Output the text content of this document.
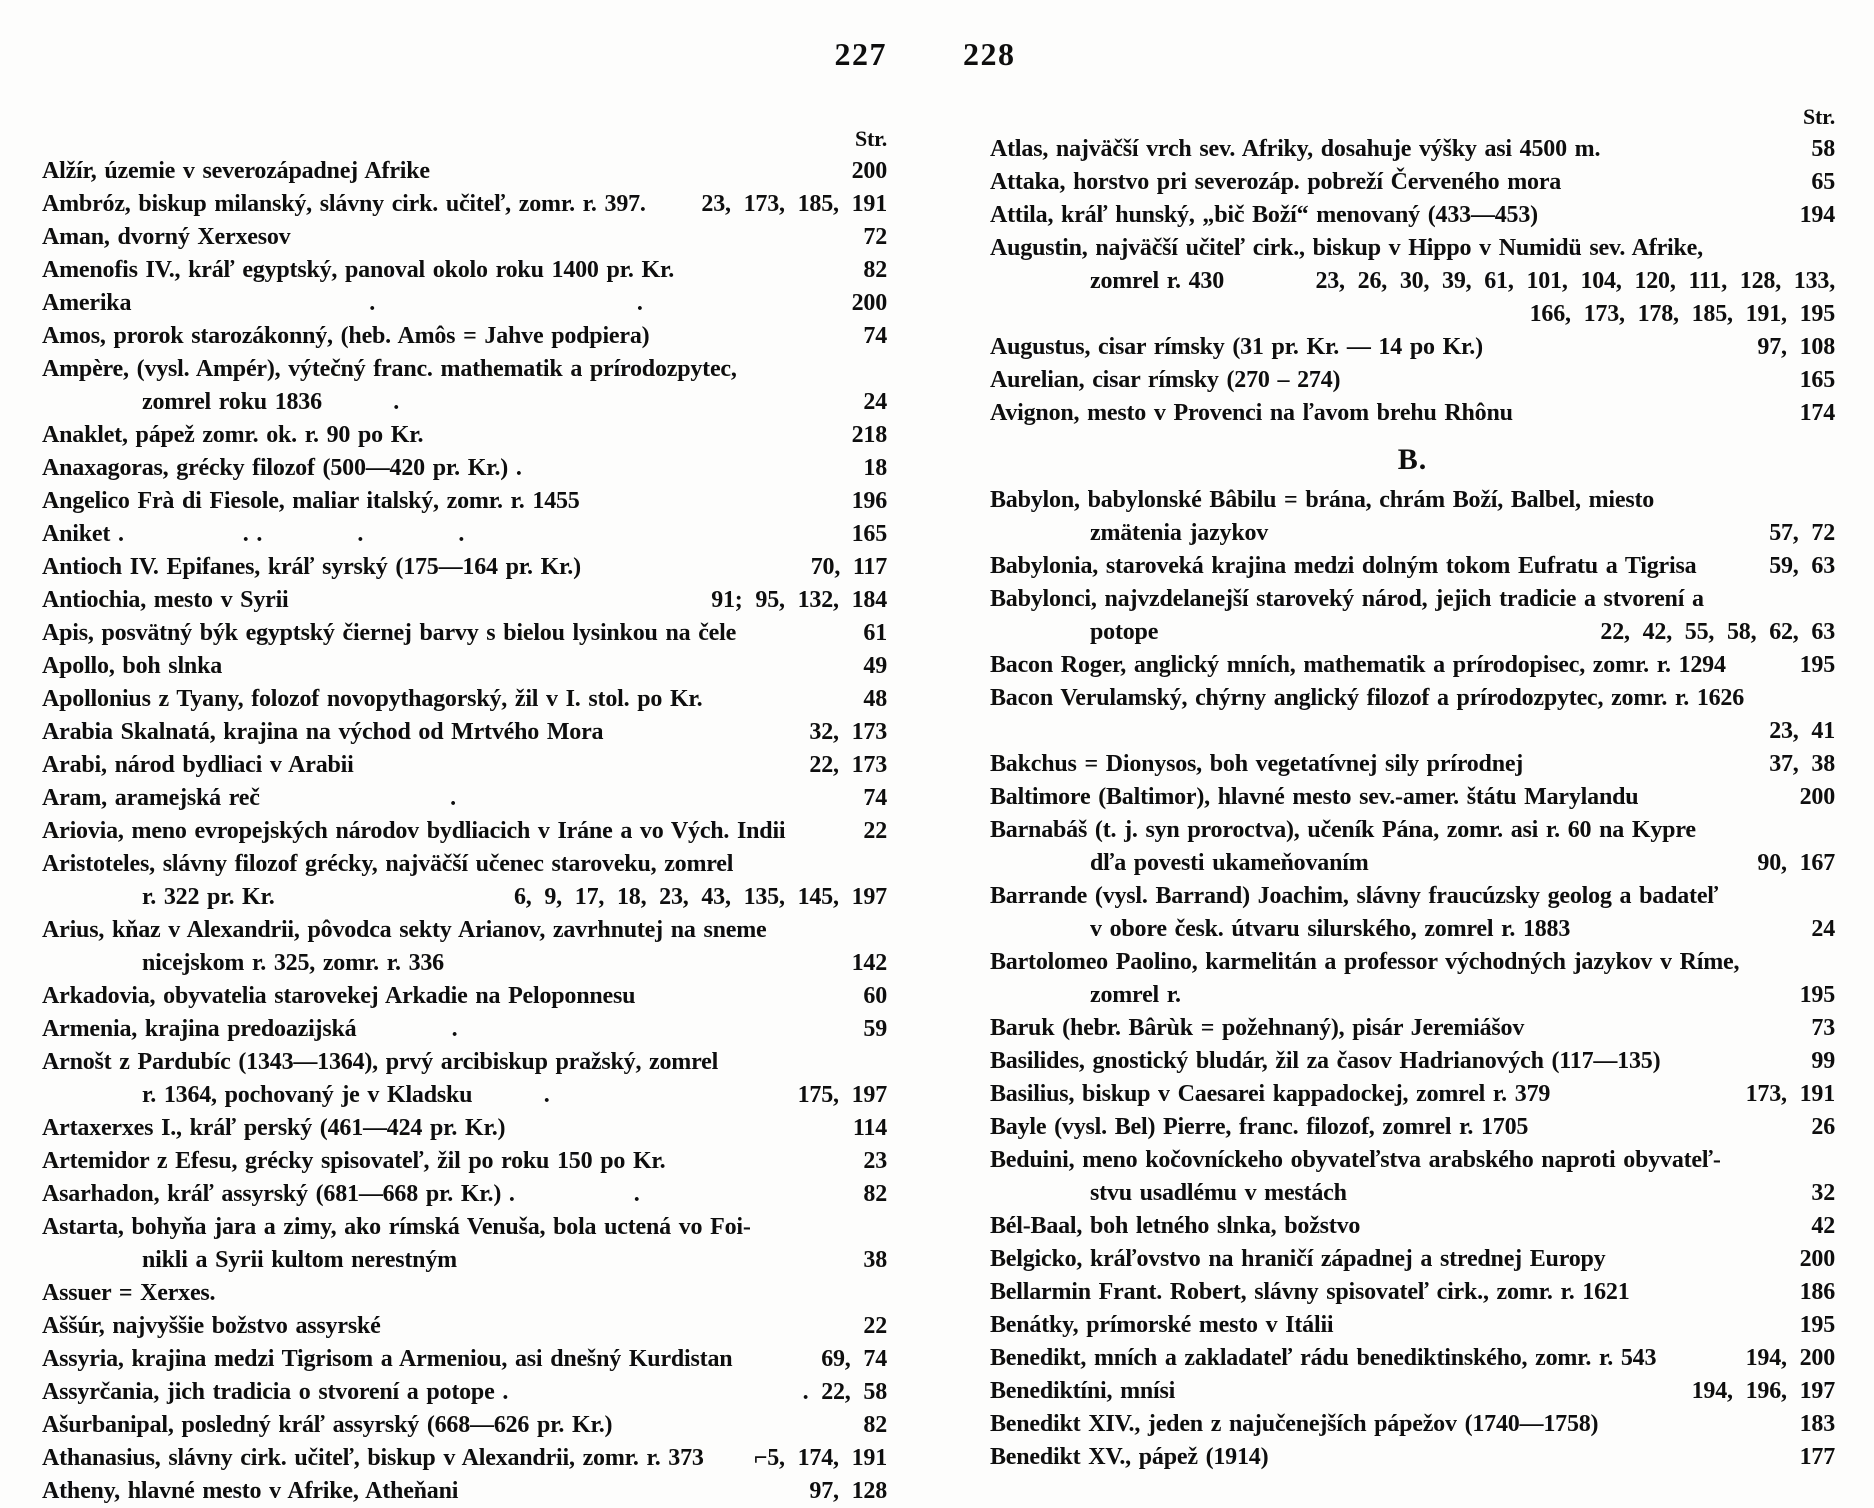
227 228
Str.
Alžír, územie v severozápadnej Afrike	200
Ambróz, biskup milanský, slávny cirk. učiteľ, zomr. r. 397.	23, 173, 185, 191
Aman, dvorný Xerxesov	72
Amenofis IV., kráľ egyptský, panoval okolo roku 1400 pr. Kr.	82
Amerika          .           .	200
Amos, prorok starozákonný, (heb. Amôs = Jahve podpiera)	74
Ampère, (vysl. Ampér), výtečný franc. mathematik a prírodozpytec,
zomrel roku 1836   .	24
Anaklet, pápež zomr. ok. r. 90 po Kr.	218
Anaxagoras, grécky filozof (500—420 pr. Kr.) .	18
Angelico Frà di Fiesole, maliar italský, zomr. r. 1455	196
Aniket .     . .    .    .	165
Antioch IV. Epifanes, kráľ syrský (175—164 pr. Kr.)	70, 117
Antiochia, mesto v Syrii	91; 95, 132, 184
Apis, posvätný býk egyptský čiernej barvy s bielou lysinkou na čele	61
Apollo, boh slnka	49
Apollonius z Tyany, folozof novopythagorský, žil v I. stol. po Kr.	48
Arabia Skalnatá, krajina na východ od Mrtvého Mora	32, 173
Arabi, národ bydliaci v Arabii	22, 173
Aram, aramejská reč        .	74
Ariovia, meno evropejských národov bydliacich v Iráne a vo Vých. Indii	22
Aristoteles, slávny filozof grécky, najväčší učenec staroveku, zomrel
r. 322 pr. Kr.	6, 9, 17, 18, 23, 43, 135, 145, 197
Arius, kňaz v Alexandrii, pôvodca sekty Arianov, zavrhnutej na sneme
nicejskom r. 325, zomr. r. 336	142
Arkadovia, obyvatelia starovekej Arkadie na Peloponnesu	60
Armenia, krajina predoazijská    .	59
Arnošt z Pardubíc (1343—1364), prvý arcibiskup pražský, zomrel
r. 1364, pochovaný je v Kladsku   .	175, 197
Artaxerxes I., kráľ perský (461—424 pr. Kr.)	114
Artemidor z Efesu, grécky spisovateľ, žil po roku 150 po Kr.	23
Asarhadon, kráľ assyrský (681—668 pr. Kr.) .     .	82
Astarta, bohyňa jara a zimy, ako rímská Venuša, bola uctená vo Foi-
nikli a Syrii kultom nerestným	38
Assuer = Xerxes.
Aššúr, najvyššie božstvo assyrské	22
Assyria, krajina medzi Tigrisom a Armeniou, asi dnešný Kurdistan	69, 74
Assyrčania, jich tradicia o stvorení a potope .	. 22, 58
Ašurbanipal, posledný kráľ assyrský (668—626 pr. Kr.)	82
Athanasius, slávny cirk. učiteľ, biskup v Alexandrii, zomr. r. 373	⌐5, 174, 191
Atheny, hlavné mesto v Afrike, Atheňani	97, 128
Str.
Atlas, najväčší vrch sev. Afriky, dosahuje výšky asi 4500 m.	58
Attaka, horstvo pri severozáp. pobreží Červeného mora	65
Attila, kráľ hunský, „bič Boží“ menovaný (433—453)	194
Augustin, najväčší učiteľ cirk., biskup v Hippo v Numidü sev. Afrike,
zomrel r. 430	23, 26, 30, 39, 61, 101, 104, 120, 111, 128, 133,
166, 173, 178, 185, 191, 195
Augustus, cisar rímsky (31 pr. Kr. — 14 po Kr.)	97, 108
Aurelian, cisar rímsky (270 – 274)	165
Avignon, mesto v Provenci na ľavom brehu Rhônu	174
B.
Babylon, babylonské Bâbilu = brána, chrám Boží, Balbel, miesto
zmätenia jazykov	57, 72
Babylonia, staroveká krajina medzi dolným tokom Eufratu a Tigrisa	59, 63
Babylonci, najvzdelanejší staroveký národ, jejich tradicie a stvorení a
potope	22, 42, 55, 58, 62, 63
Bacon Roger, anglický mních, mathematik a prírodopisec, zomr. r. 1294	195
Bacon Verulamský, chýrny anglický filozof a prírodozpytec, zomr. r. 1626
23, 41
Bakchus = Dionysos, boh vegetatívnej sily prírodnej	37, 38
Baltimore (Baltimor), hlavné mesto sev.-amer. štátu Marylandu	200
Barnabáš (t. j. syn proroctva), učeník Pána, zomr. asi r. 60 na Kypre
dľa povesti ukameňovaním	90, 167
Barrande (vysl. Barrand) Joachim, slávny fraucúzsky geolog a badateľ
v obore česk. útvaru silurského, zomrel r. 1883	24
Bartolomeo Paolino, karmelitán a professor východných jazykov v Ríme,
zomrel r.	195
Baruk (hebr. Bârùk = požehnaný), pisár Jeremiášov	73
Basilides, gnostický bludár, žil za časov Hadrianových (117—135)	99
Basilius, biskup v Caesarei kappadockej, zomrel r. 379	173, 191
Bayle (vysl. Bel) Pierre, franc. filozof, zomrel r. 1705	26
Beduini, meno kočovníckeho obyvateľstva arabského naproti obyvateľ-
stvu usadlému v mestách	32
Bél-Baal, boh letného slnka, božstvo	42
Belgicko, kráľovstvo na hraničí západnej a strednej Europy	200
Bellarmin Frant. Robert, slávny spisovateľ cirk., zomr. r. 1621	186
Benátky, prímorské mesto v Itálii	195
Benedikt, mních a zakladateľ rádu benediktinského, zomr. r. 543	194, 200
Benediktíni, mnísi	194, 196, 197
Benedikt XIV., jeden z najučenejších pápežov (1740—1758)	183
Benedikt XV., pápež (1914)	177
